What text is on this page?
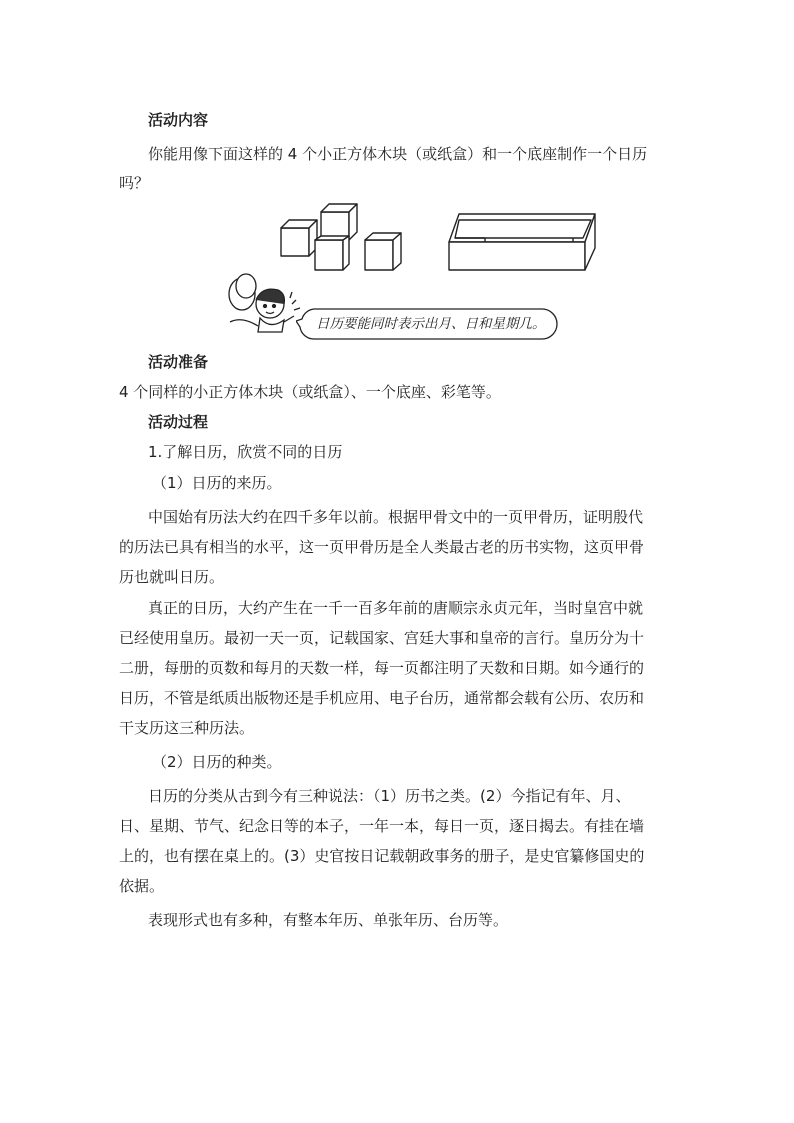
活动内容
你能用像下面这样的 4 个小正方体木块（或纸盒）和一个底座制作一个日历
吗？
日历要能同时表示出月、日和星期几。
活动准备
4 个同样的小正方体木块（或纸盒）、一个底座、彩笔等。
活动过程
1.了解日历，欣赏不同的日历
（1）日历的来历。
中国始有历法大约在四千多年以前。根据甲骨文中的一页甲骨历，证明殷代
的历法已具有相当的水平，这一页甲骨历是全人类最古老的历书实物，这页甲骨
历也就叫日历。
真正的日历，大约产生在一千一百多年前的唐顺宗永贞元年，当时皇宫中就
已经使用皇历。最初一天一页，记载国家、宫廷大事和皇帝的言行。皇历分为十
二册，每册的页数和每月的天数一样，每一页都注明了天数和日期。如今通行的
日历，不管是纸质出版物还是手机应用、电子台历，通常都会载有公历、农历和
干支历这三种历法。
（2）日历的种类。
日历的分类从古到今有三种说法：（1）历书之类。(2）今指记有年、月、
日、星期、节气、纪念日等的本子，一年一本，每日一页，逐日揭去。有挂在墙
上的，也有摆在桌上的。(3）史官按日记载朝政事务的册子，是史官纂修国史的
依据。
表现形式也有多种，有整本年历、单张年历、台历等。
